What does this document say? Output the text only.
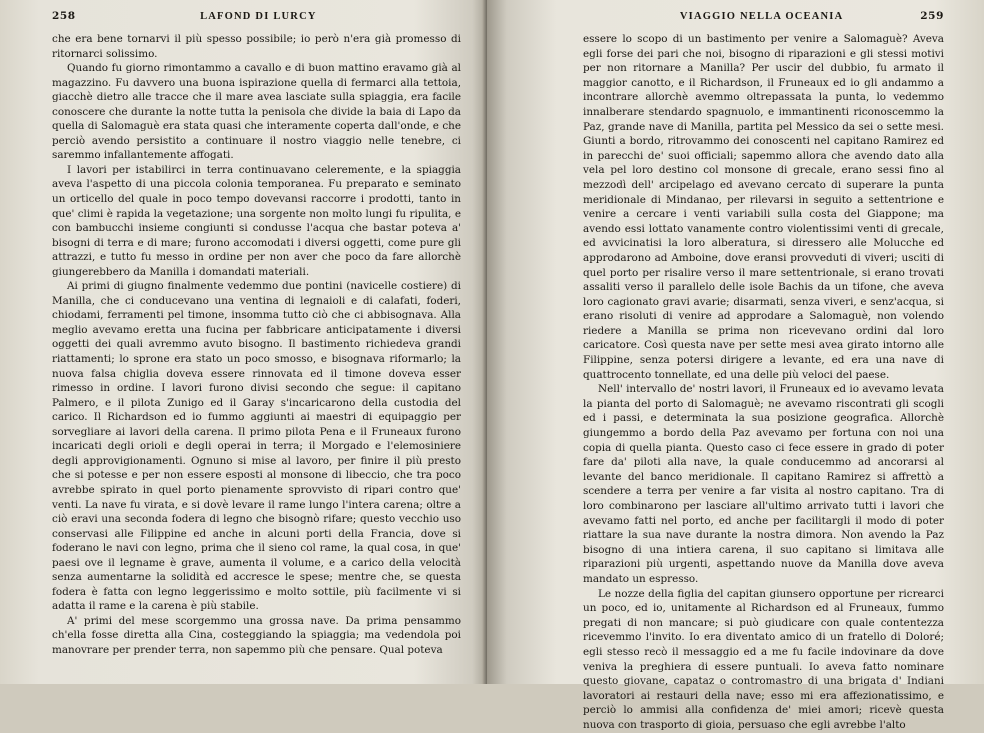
258	LAFOND DI LURCY

che era bene tornarvi il più spesso possibile; io però n'era già promesso di ritornarci solissimo.

Quando fu giorno rimontammo a cavallo e di buon mattino eravamo già al magazzino. Fu davvero una buona ispirazione quella di fermarci alla tettoia, giacchè dietro alle tracce che il mare avea lasciate sulla spiaggia, era facile conoscere che durante la notte tutta la penisola che divide la baia di Lapo da quella di Salomaguè era stata quasi che interamente coperta dall'onde, e che perciò avendo persistito a continuare il nostro viaggio nelle tenebre, ci saremmo infallantemente affogati.

I lavori per istabilirci in terra continuavano celeremente, e la spiaggia aveva l'aspetto di una piccola colonia temporanea. Fu preparato e seminato un orticello del quale in poco tempo dovevansi raccorre i prodotti, tanto in que' climi è rapida la vegetazione; una sorgente non molto lungi fu ripulita, e con bambucchi insieme congiunti si condusse l'acqua che bastar poteva a' bisogni di terra e di mare; furono accomodati i diversi oggetti, come pure gli attrazzi, e tutto fu messo in ordine per non aver che poco da fare allorchè giungerebbero da Manilla i domandati materiali.

Ai primi di giugno finalmente vedemmo due pontini (navicelle costiere) di Manilla, che ci conducevano una ventina di legnaioli e di calafati, foderi, chiodami, ferramenti pel timone, insomma tutto ciò che ci abbisognava. Alla meglio avevamo eretta una fucina per fabbricare anticipatamente i diversi oggetti dei quali avremmo avuto bisogno. Il bastimento richiedeva grandi riattamenti; lo sprone era stato un poco smosso, e bisognava riformarlo; la nuova falsa chiglia doveva essere rinnovata ed il timone doveva esser rimesso in ordine. I lavori furono divisi secondo che segue: il capitano Palmero, e il pilota Zunigo ed il Garay s'incaricarono della custodia del carico. Il Richardson ed io fummo aggiunti ai maestri di equipaggio per sorvegliare ai lavori della carena. Il primo pilota Pena e il Fruneaux furono incaricati degli orioli e degli operai in terra; il Morgado e l'elemosiniere degli approvigionamenti. Ognuno si mise al lavoro, per finire il più presto che si potesse e per non essere esposti al monsone di libeccio, che tra poco avrebbe spirato in quel porto pienamente sprovvisto di ripari contro que' venti. La nave fu virata, e si dovè levare il rame lungo l'intera carena; oltre a ciò eravi una seconda fodera di legno che bisognò rifare; questo vecchio uso conservasi alle Filippine ed anche in alcuni porti della Francia, dove si foderano le navi con legno, prima che il sieno col rame, la qual cosa, in que' paesi ove il legname è grave, aumenta il volume, e a carico della velocità senza aumentarne la solidità ed accresce le spese; mentre che, se questa fodera è fatta con legno leggerissimo e molto sottile, più facilmente vi si adatta il rame e la carena è più stabile.

A' primi del mese scorgemmo una grossa nave. Da prima pensammo ch'ella fosse diretta alla Cina, costeggiando la spiaggia; ma vedendola poi manovrare per prender terra, non sapemmo più che pensare. Qual poteva

VIAGGIO NELLA OCEANIA	259

essere lo scopo di un bastimento per venire a Salomaguè? Aveva egli forse dei pari che noi, bisogno di riparazioni e gli stessi motivi per non ritornare a Manilla? Per uscir del dubbio, fu armato il maggior canotto, e il Richardson, il Fruneaux ed io gli andammo a incontrare allorchè avemmo oltrepassata la punta, lo vedemmo innalberare stendardo spagnuolo, e immantinenti riconoscemmo la Paz, grande nave di Manilla, partita pel Messico da sei o sette mesi. Giunti a bordo, ritrovammo dei conoscenti nel capitano Ramirez ed in parecchi de' suoi officiali; sapemmo allora che avendo dato alla vela pel loro destino col monsone di grecale, erano sessi fino al mezzodì dell' arcipelago ed avevano cercato di superare la punta meridionale di Mindanao, per rilevarsi in seguito a settentrione e venire a cercare i venti variabili sulla costa del Giappone; ma avendo essi lottato vanamente contro violentissimi venti di grecale, ed avvicinatisi la loro alberatura, si diressero alle Molucche ed approdarono ad Amboine, dove eransi provveduti di viveri; usciti di quel porto per risalire verso il mare settentrionale, si erano trovati assaliti verso il parallelo delle isole Bachis da un tifone, che aveva loro cagionato gravi avarie; disarmati, senza viveri, e senz'acqua, si erano risoluti di venire ad approdare a Salomaguè, non volendo riedere a Manilla se prima non ricevevano ordini dal loro caricatore. Così questa nave per sette mesi avea girato intorno alle Filippine, senza potersi dirigere a levante, ed era una nave di quattrocento tonnellate, ed una delle più veloci del paese.

Nell' intervallo de' nostri lavori, il Fruneaux ed io avevamo levata la pianta del porto di Salomaguè; ne avevamo riscontrati gli scogli ed i passi, e determinata la sua posizione geografica. Allorchè giungemmo a bordo della Paz avevamo per fortuna con noi una copia di quella pianta. Questo caso ci fece essere in grado di poter fare da' piloti alla nave, la quale conducemmo ad ancorarsi al levante del banco meridionale. Il capitano Ramirez si affrettò a scendere a terra per venire a far visita al nostro capitano. Tra di loro combinarono per lasciare all'ultimo arrivato tutti i lavori che avevamo fatti nel porto, ed anche per facilitargli il modo di poter riattare la sua nave durante la nostra dimora. Non avendo la Paz bisogno di una intiera carena, il suo capitano si limitava alle riparazioni più urgenti, aspettando nuove da Manilla dove aveva mandato un espresso.

Le nozze della figlia del capitan giunsero opportune per ricrearci un poco, ed io, unitamente al Richardson ed al Fruneaux, fummo pregati di non mancare; si può giudicare con quale contentezza ricevemmo l'invito. Io era diventato amico di un fratello di Doloré; egli stesso recò il messaggio ed a me fu facile indovinare da dove veniva la preghiera di essere puntuali. Io aveva fatto nominare questo giovane, capataz o contromastro di una brigata d' Indiani lavoratori ai restauri della nave; esso mi era affezionatissimo, e perciò lo ammisi alla confidenza de' miei amori; ricevè questa nuova con trasporto di gioia, persuaso che egli avrebbe l'alto
